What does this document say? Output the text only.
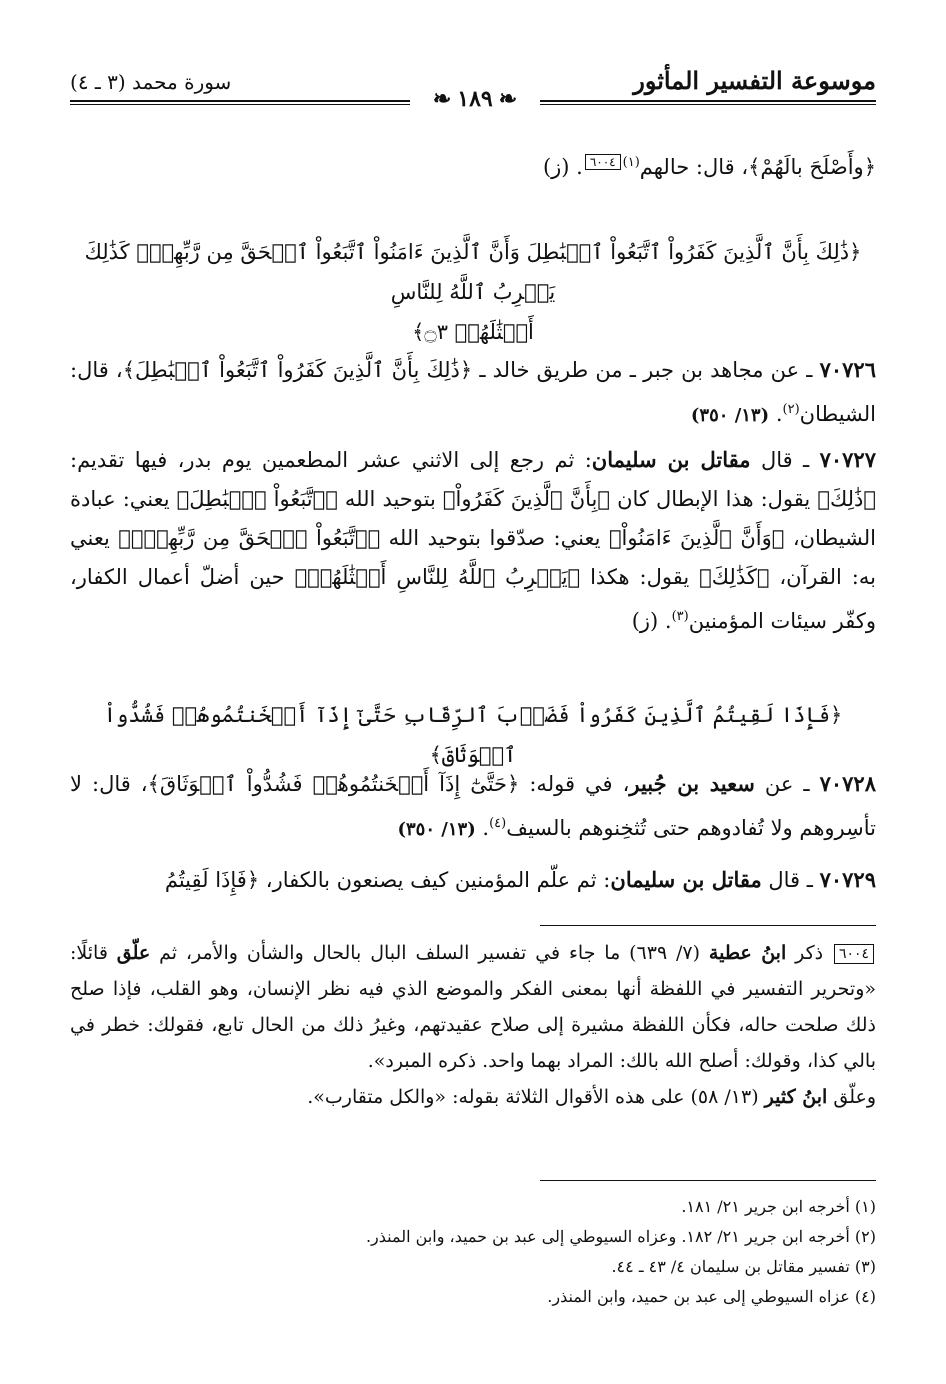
موسوعة التفسير المأثور
سورة محمد (٣ ـ ٤)
❧ ١٨٩ ❧
﴿وأَصْلَحَ بالَهُمْ﴾، قال: حالهم$^{(١)}$٦٠٠٤. (ز)
﴿ذَٰلِكَ بِأَنَّ ٱلَّذِينَ كَفَرُواْ ٱتَّبَعُواْ ٱلۡبَٰطِلَ وَأَنَّ ٱلَّذِينَ ءَامَنُواْ ٱتَّبَعُواْ ٱلۡحَقَّ مِن رَّبِّهِمۡۚ كَذَٰلِكَ يَضۡرِبُ ٱللَّهُ لِلنَّاسِ
أَمۡثَٰلَهُمۡ ۝٣﴾
٧٠٧٢٦ ـ عن مجاهد بن جبر ـ من طريق خالد ـ ﴿ذَٰلِكَ بِأَنَّ ٱلَّذِينَ كَفَرُواْ ٱتَّبَعُواْ ٱلۡبَٰطِلَ﴾، قال: الشيطان$^{(٢)}$. (١٣/ ٣٥٠)
٧٠٧٢٧ ـ قال مقاتل بن سليمان: ثم رجع إلى الاثني عشر المطعمين يوم بدر، فيها تقديم: ﴿ذَٰلِكَ﴾ يقول: هذا الإبطال كان ﴿بِأَنَّ ٱلَّذِينَ كَفَرُواْ﴾ بتوحيد الله ﴿ٱتَّبَعُواْ ٱلۡبَٰطِلَ﴾ يعني: عبادة الشيطان، ﴿وَأَنَّ ٱلَّذِينَ ءَامَنُواْ﴾ يعني: صدّقوا بتوحيد الله ﴿ٱتَّبَعُواْ ٱلۡحَقَّ مِن رَّبِّهِمۡۚ﴾ يعني به: القرآن، ﴿كَذَٰلِكَ﴾ يقول: هكذا ﴿يَضۡرِبُ ٱللَّهُ لِلنَّاسِ أَمۡثَٰلَهُمۡ﴾ حين أضلّ أعمال الكفار، وكفّر سيئات المؤمنين$^{(٣)}$. (ز)
﴿فَإِذَا لَقِيتُمُ ٱلَّذِينَ كَفَرُواْ فَضَرۡبَ ٱلرِّقَابِ حَتَّىٰٓ إِذَآ أَثۡخَنتُمُوهُمۡ فَشُدُّواْ ٱلۡوَثَاقَ﴾
٧٠٧٢٨ ـ عن سعيد بن جُبير، في قوله: ﴿حَتَّىٰٓ إِذَآ أَثۡخَنتُمُوهُمۡ فَشُدُّواْ ٱلۡوَثَاقَ﴾، قال: لا تأسِروهم ولا تُفادوهم حتى تُثخِنوهم بالسيف$^{(٤)}$. (١٣/ ٣٥٠)
٧٠٧٢٩ ـ قال مقاتل بن سليمان: ثم علّم المؤمنين كيف يصنعون بالكفار، ﴿فَإِذَا لَقِيتُمُ
٦٠٠٤ ذكر ابنُ عطية (٧/ ٦٣٩) ما جاء في تفسير السلف البال بالحال والشأن والأمر، ثم علّق قائلًا: «وتحرير التفسير في اللفظة أنها بمعنى الفكر والموضع الذي فيه نظر الإنسان، وهو القلب، فإذا صلح ذلك صلحت حاله، فكأن اللفظة مشيرة إلى صلاح عقيدتهم، وغيرُ ذلك من الحال تابع، فقولك: خطر في بالي كذا، وقولك: أصلح الله بالك: المراد بهما واحد. ذكره المبرد».
وعلّق ابنُ كثير (١٣/ ٥٨) على هذه الأقوال الثلاثة بقوله: «والكل متقارب».
(١) أخرجه ابن جرير ٢١/ ١٨١.
(٢) أخرجه ابن جرير ٢١/ ١٨٢. وعزاه السيوطي إلى عبد بن حميد، وابن المنذر.
(٣) تفسير مقاتل بن سليمان ٤/ ٤٣ ـ ٤٤.
(٤) عزاه السيوطي إلى عبد بن حميد، وابن المنذر.
